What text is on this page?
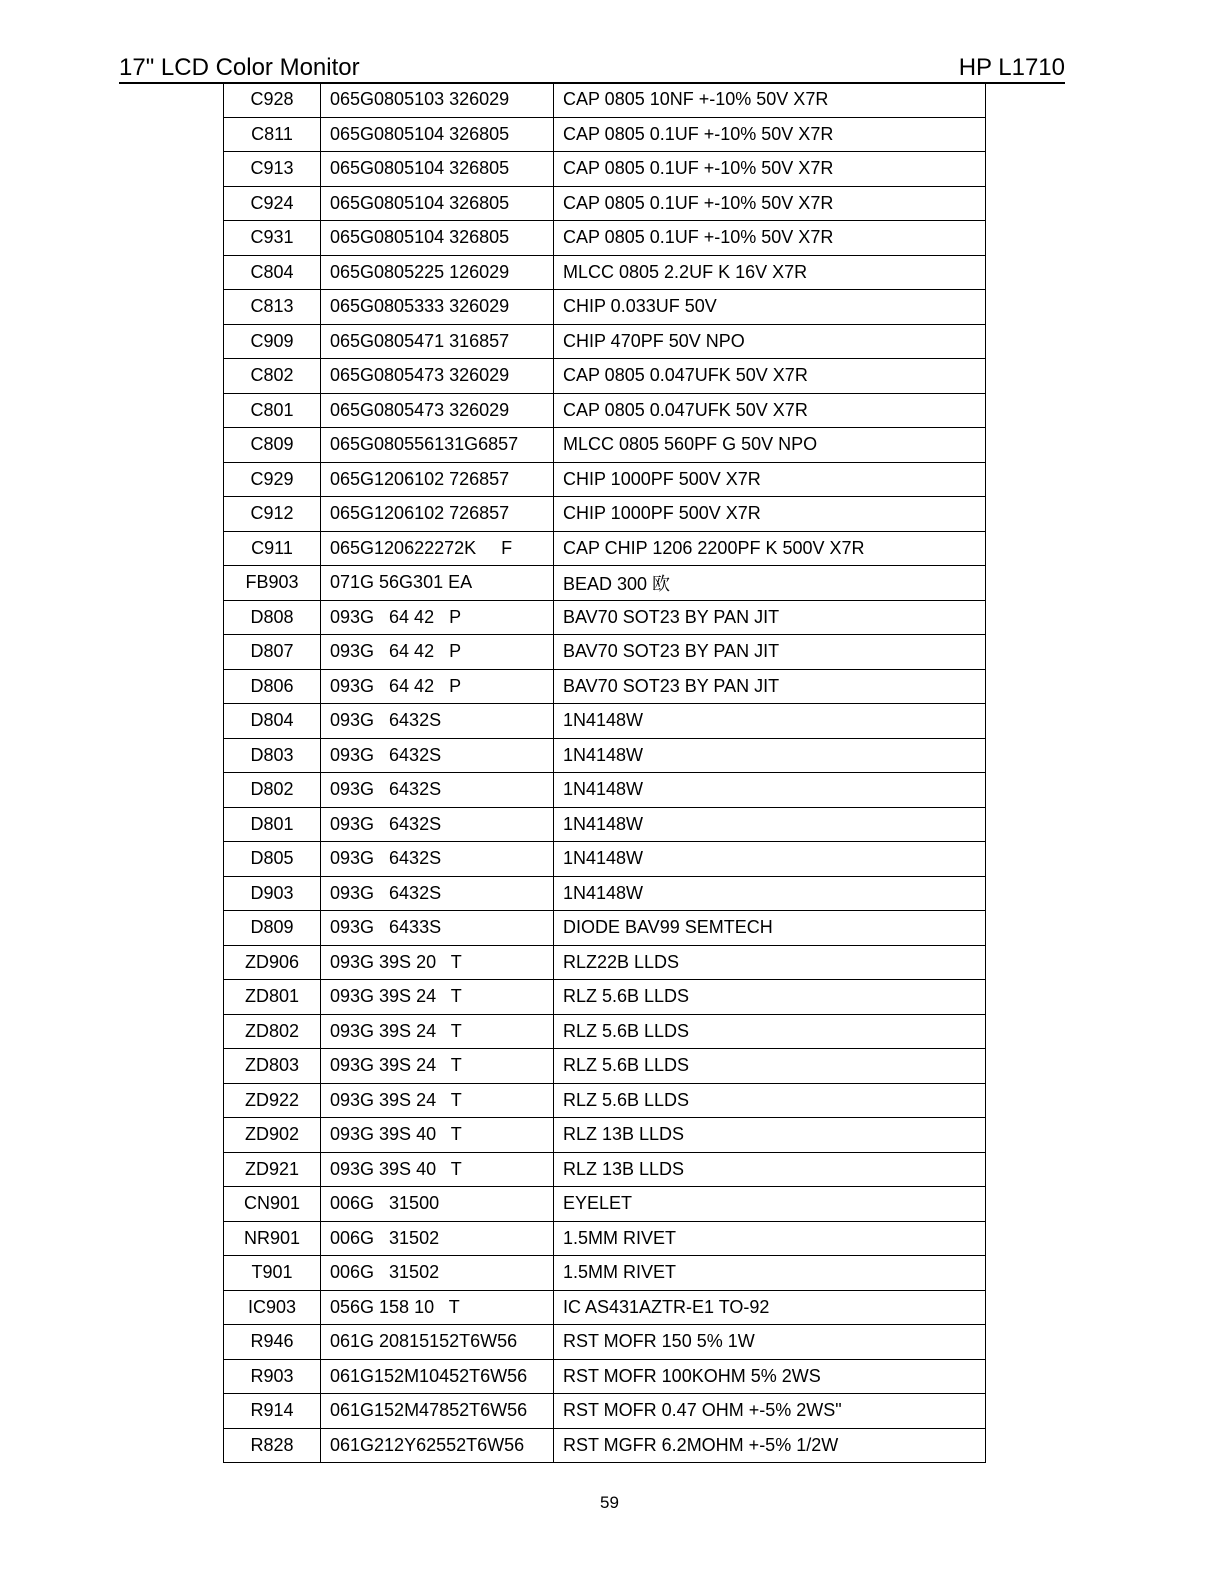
17" LCD Color Monitor	HP L1710
C928	065G0805103 326029	CAP 0805 10NF +-10% 50V X7R
C811	065G0805104 326805	CAP 0805 0.1UF +-10% 50V X7R
C913	065G0805104 326805	CAP 0805 0.1UF +-10% 50V X7R
C924	065G0805104 326805	CAP 0805 0.1UF +-10% 50V X7R
C931	065G0805104 326805	CAP 0805 0.1UF +-10% 50V X7R
C804	065G0805225 126029	MLCC 0805 2.2UF K 16V X7R
C813	065G0805333 326029	CHIP 0.033UF 50V
C909	065G0805471 316857	CHIP 470PF 50V NPO
C802	065G0805473 326029	CAP 0805 0.047UFK 50V X7R
C801	065G0805473 326029	CAP 0805 0.047UFK 50V X7R
C809	065G080556131G6857	MLCC 0805 560PF G 50V NPO
C929	065G1206102 726857	CHIP 1000PF 500V X7R
C912	065G1206102 726857	CHIP 1000PF 500V X7R
C911	065G120622272K     F	CAP CHIP 1206 2200PF K 500V X7R
FB903	071G 56G301 EA	BEAD 300 欧
D808	093G   64 42   P	BAV70 SOT23 BY PAN JIT
D807	093G   64 42   P	BAV70 SOT23 BY PAN JIT
D806	093G   64 42   P	BAV70 SOT23 BY PAN JIT
D804	093G   6432S	1N4148W
D803	093G   6432S	1N4148W
D802	093G   6432S	1N4148W
D801	093G   6432S	1N4148W
D805	093G   6432S	1N4148W
D903	093G   6432S	1N4148W
D809	093G   6433S	DIODE BAV99 SEMTECH
ZD906	093G 39S 20   T	RLZ22B LLDS
ZD801	093G 39S 24   T	RLZ 5.6B LLDS
ZD802	093G 39S 24   T	RLZ 5.6B LLDS
ZD803	093G 39S 24   T	RLZ 5.6B LLDS
ZD922	093G 39S 24   T	RLZ 5.6B LLDS
ZD902	093G 39S 40   T	RLZ 13B LLDS
ZD921	093G 39S 40   T	RLZ 13B LLDS
CN901	006G   31500	EYELET
NR901	006G   31502	1.5MM RIVET
T901	006G   31502	1.5MM RIVET
IC903	056G 158 10   T	IC AS431AZTR-E1 TO-92
R946	061G 20815152T6W56	RST MOFR 150 5% 1W
R903	061G152M10452T6W56	RST MOFR 100KOHM 5% 2WS
R914	061G152M47852T6W56	RST MOFR 0.47 OHM +-5% 2WS"
R828	061G212Y62552T6W56	RST MGFR 6.2MOHM +-5% 1/2W
59
